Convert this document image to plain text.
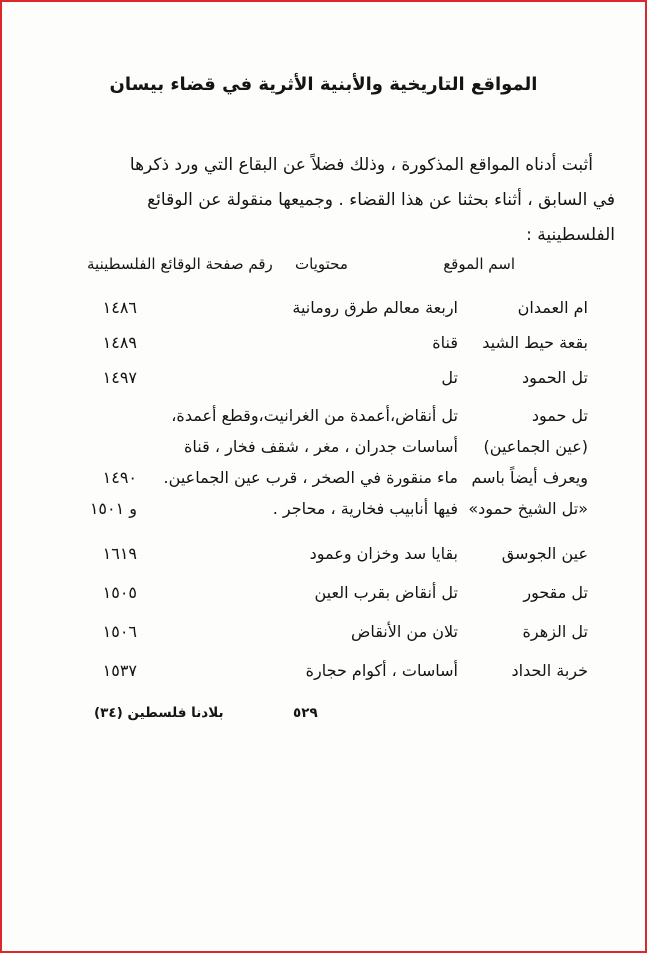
المواقع التاريخية والأبنية الأثرية في قضاء بيسان
أثبت أدناه المواقع المذكورة ، وذلك فضلاً عن البقاع التي ورد ذكرها
في السابق ، أثناء بحثنا عن هذا القضاء . وجميعها منقولة عن الوقائع
الفلسطينية :
اسم الموقع
محتويات
رقم صفحة الوقائع الفلسطينية
ام العمدان
اربعة معالم طرق رومانية
١٤٨٦
بقعة حيط الشيد
قناة
١٤٨٩
تل الحمود
تل
١٤٩٧
تل حمود
(عين الجماعين)
ويعرف أيضاً باسم
«تل الشيخ حمود»
تل أنقاض،أعمدة من الغرانيت،وقطع أعمدة،
أساسات جدران ، مغر ، شقف فخار ، قناة
ماء منقورة في الصخر ، قرب عين الجماعين.
فيها أنابيب فخارية ، محاجر .
١٤٩٠
و ١٥٠١
عين الجوسق
بقايا سد وخزان وعمود
١٦١٩
تل مقحور
تل أنقاض بقرب العين
١٥٠٥
تل الزهرة
تلان من الأنقاض
١٥٠٦
خربة الحداد
أساسات ، أكوام حجارة
١٥٣٧
بلادنا فلسطين (٣٤)	٥٢٩
